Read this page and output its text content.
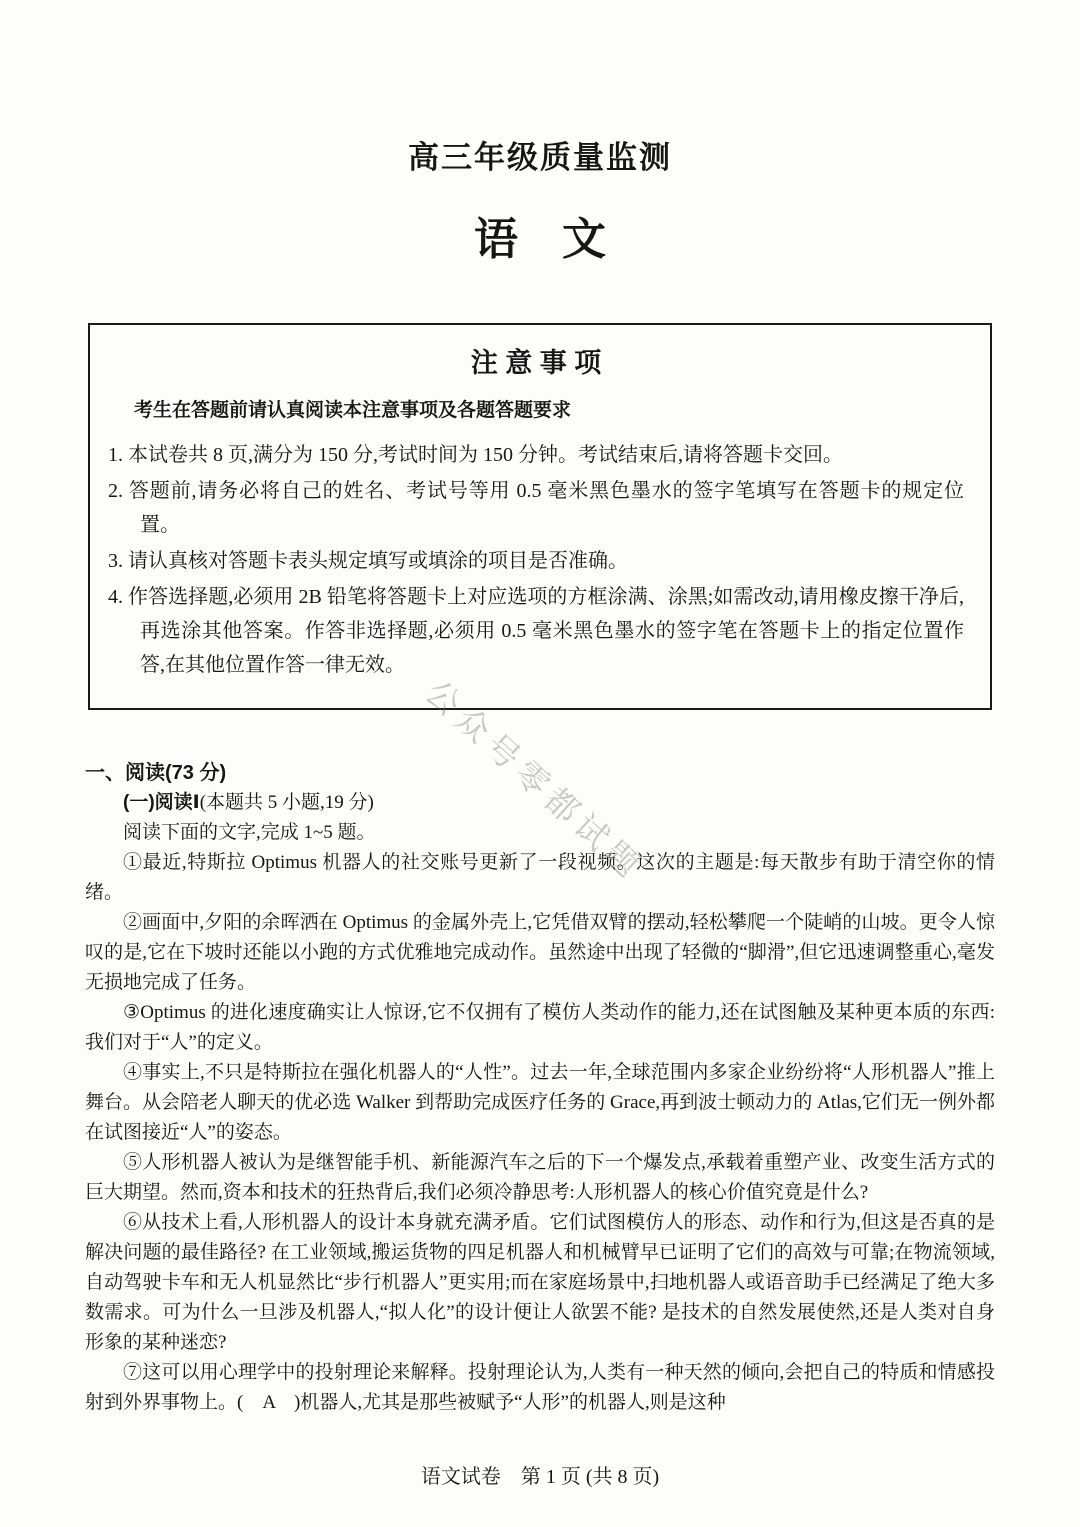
高三年级质量监测
语　文
注 意 事 项
考生在答题前请认真阅读本注意事项及各题答题要求
1. 本试卷共 8 页,满分为 150 分,考试时间为 150 分钟。考试结束后,请将答题卡交回。
2. 答题前,请务必将自己的姓名、考试号等用 0.5 毫米黑色墨水的签字笔填写在答题卡的规定位置。
3. 请认真核对答题卡表头规定填写或填涂的项目是否准确。
4. 作答选择题,必须用 2B 铅笔将答题卡上对应选项的方框涂满、涂黑;如需改动,请用橡皮擦干净后,再选涂其他答案。作答非选择题,必须用 0.5 毫米黑色墨水的签字笔在答题卡上的指定位置作答,在其他位置作答一律无效。
一、阅读(73 分)
(一)阅读Ⅰ(本题共 5 小题,19 分)
阅读下面的文字,完成 1~5 题。

①最近,特斯拉 Optimus 机器人的社交账号更新了一段视频。这次的主题是:每天散步有助于清空你的情绪。

②画面中,夕阳的余晖洒在 Optimus 的金属外壳上,它凭借双臂的摆动,轻松攀爬一个陡峭的山坡。更令人惊叹的是,它在下坡时还能以小跑的方式优雅地完成动作。虽然途中出现了轻微的“脚滑”,但它迅速调整重心,毫发无损地完成了任务。

③Optimus 的进化速度确实让人惊讶,它不仅拥有了模仿人类动作的能力,还在试图触及某种更本质的东西:我们对于“人”的定义。

④事实上,不只是特斯拉在强化机器人的“人性”。过去一年,全球范围内多家企业纷纷将“人形机器人”推上舞台。从会陪老人聊天的优必选 Walker 到帮助完成医疗任务的 Grace,再到波士顿动力的 Atlas,它们无一例外都在试图接近“人”的姿态。

⑤人形机器人被认为是继智能手机、新能源汽车之后的下一个爆发点,承载着重塑产业、改变生活方式的巨大期望。然而,资本和技术的狂热背后,我们必须冷静思考:人形机器人的核心价值究竟是什么?

⑥从技术上看,人形机器人的设计本身就充满矛盾。它们试图模仿人的形态、动作和行为,但这是否真的是解决问题的最佳路径? 在工业领域,搬运货物的四足机器人和机械臂早已证明了它们的高效与可靠;在物流领域,自动驾驶卡车和无人机显然比“步行机器人”更实用;而在家庭场景中,扫地机器人或语音助手已经满足了绝大多数需求。可为什么一旦涉及机器人,“拟人化”的设计便让人欲罢不能? 是技术的自然发展使然,还是人类对自身形象的某种迷恋?

⑦这可以用心理学中的投射理论来解释。投射理论认为,人类有一种天然的倾向,会把自己的特质和情感投射到外界事物上。(　A　)机器人,尤其是那些被赋予“人形”的机器人,则是这种

公众号零都试题
语文试卷　第 1 页 (共 8 页)
